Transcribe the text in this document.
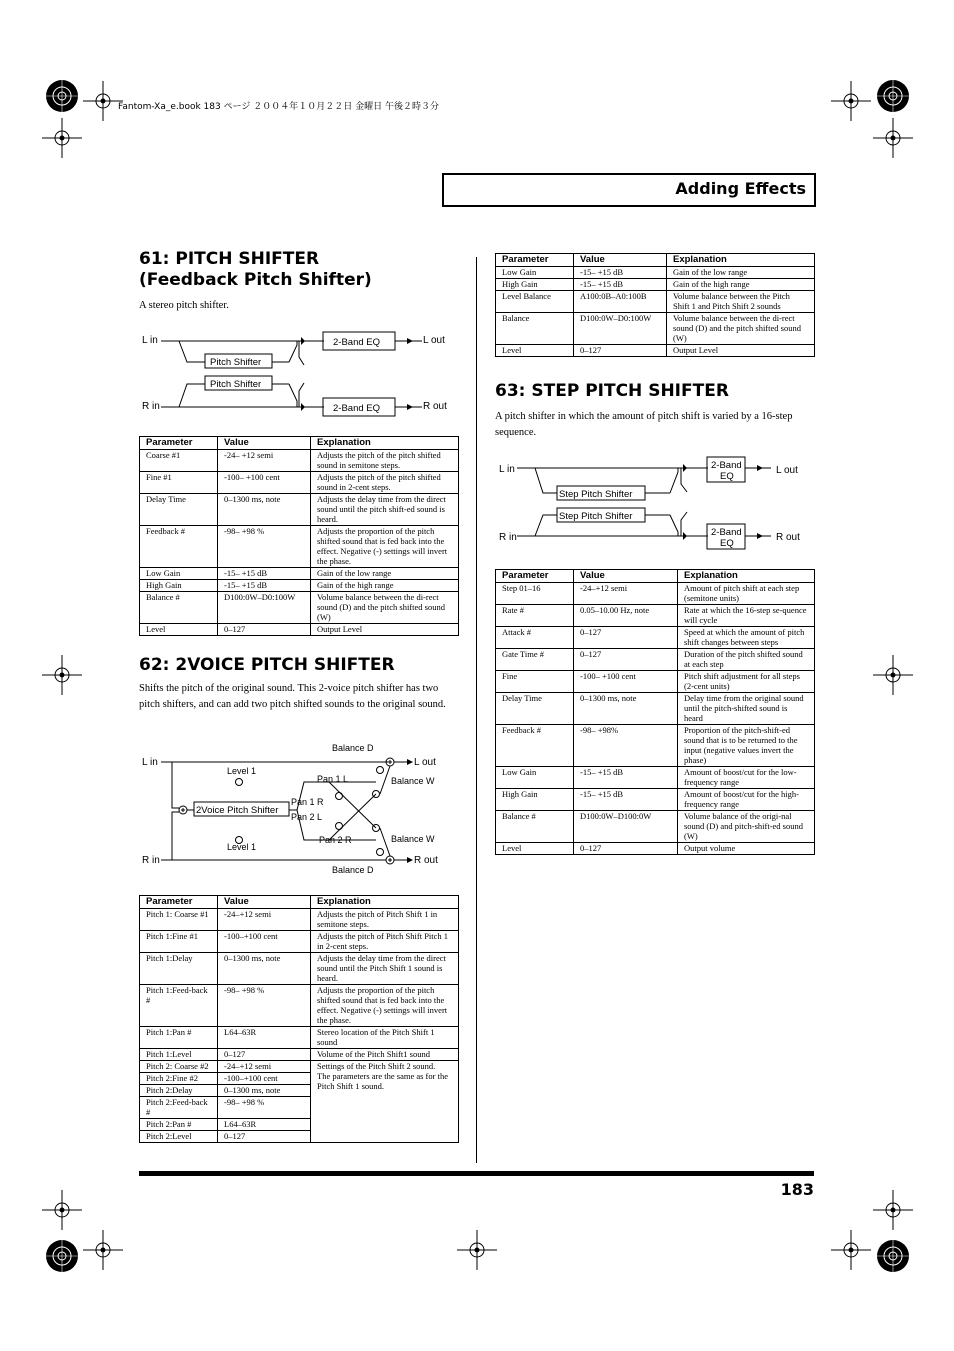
Fantom-Xa_e.book 183 ページ ２００４年１０月２２日 金曜日 午後２時３分
Adding Effects
61: PITCH SHIFTER
(Feedback Pitch Shifter)
A stereo pitch shifter.
L in
R in
L out
R out
Pitch Shifter
Pitch Shifter
2-Band EQ
2-Band EQ
Parameter	Value	Explanation
Coarse #1	-24– +12 semi	Adjusts the pitch of the pitch shifted sound in semitone steps.
Fine #1	-100– +100 cent	Adjusts the pitch of the pitch shifted sound in 2-cent steps.
Delay Time	0–1300 ms, note	Adjusts the delay time from the direct sound until the pitch shift-ed sound is heard.
Feedback #	-98– +98 %	Adjusts the proportion of the pitch shifted sound that is fed back into the effect. Negative (-) settings will invert the phase.
Low Gain	-15– +15 dB	Gain of the low range
High Gain	-15– +15 dB	Gain of the high range
Balance #	D100:0W–D0:100W	Volume balance between the di-rect sound (D) and the pitch shifted sound (W)
Level	0–127	Output Level
62: 2VOICE PITCH SHIFTER
Shifts the pitch of the original sound. This 2-voice pitch shifter has two pitch shifters, and can add two pitch shifted sounds to the original sound.
L in
R in
L out
R out
Balance D
Balance D
Balance W
Balance W
Level 1
Level 1
Pan 1 L
Pan 1 R
Pan 2 L
Pan 2 R
2Voice Pitch Shifter
Parameter	Value	Explanation
Pitch 1: Coarse #1	-24–+12 semi	Adjusts the pitch of Pitch Shift 1 in semitone steps.
Pitch 1:Fine #1	-100–+100 cent	Adjusts the pitch of Pitch Shift Pitch 1 in 2-cent steps.
Pitch 1:Delay	0–1300 ms, note	Adjusts the delay time from the direct sound until the Pitch Shift 1 sound is heard.
Pitch 1:Feed-back #	-98– +98 %	Adjusts the proportion of the pitch shifted sound that is fed back into the effect. Negative (-) settings will invert the phase.
Pitch 1:Pan #	L64–63R	Stereo location of the Pitch Shift 1 sound
Pitch 1:Level	0–127	Volume of the Pitch Shift1 sound
Pitch 2: Coarse #2	-24–+12 semi	Settings of the Pitch Shift 2 sound.
The parameters are the same as for the Pitch Shift 1 sound.
Pitch 2:Fine #2	-100–+100 cent	
Pitch 2:Delay	0–1300 ms, note	
Pitch 2:Feed-back #	-98– +98 %	
Pitch 2:Pan #	L64–63R	
Pitch 2:Level	0–127	
Parameter	Value	Explanation
Low Gain	-15– +15 dB	Gain of the low range
High Gain	-15– +15 dB	Gain of the high range
Level Balance	A100:0B–A0:100B	Volume balance between the Pitch Shift 1 and Pitch Shift 2 sounds
Balance	D100:0W–D0:100W	Volume balance between the di-rect sound (D) and the pitch shifted sound (W)
Level	0–127	Output Level
63: STEP PITCH SHIFTER
A pitch shifter in which the amount of pitch shift is varied by a 16-step sequence.
L in
R in
L out
R out
Step Pitch Shifter
Step Pitch Shifter
2-Band
EQ
2-Band
EQ
Parameter	Value	Explanation
Step 01–16	-24–+12 semi	Amount of pitch shift at each step (semitone units)
Rate #	0.05–10.00 Hz, note	Rate at which the 16-step se-quence will cycle
Attack #	0–127	Speed at which the amount of pitch shift changes between steps
Gate Time #	0–127	Duration of the pitch shifted sound at each step
Fine	-100– +100 cent	Pitch shift adjustment for all steps (2-cent units)
Delay Time	0–1300 ms, note	Delay time from the original sound until the pitch-shifted sound is heard
Feedback #	-98– +98%	Proportion of the pitch-shift-ed sound that is to be returned to the input (negative values invert the phase)
Low Gain	-15– +15 dB	Amount of boost/cut for the low-frequency range
High Gain	-15– +15 dB	Amount of boost/cut for the high-frequency range
Balance #	D100:0W–D100:0W	Volume balance of the origi-nal sound (D) and pitch-shift-ed sound (W)
Level	0–127	Output volume
183
